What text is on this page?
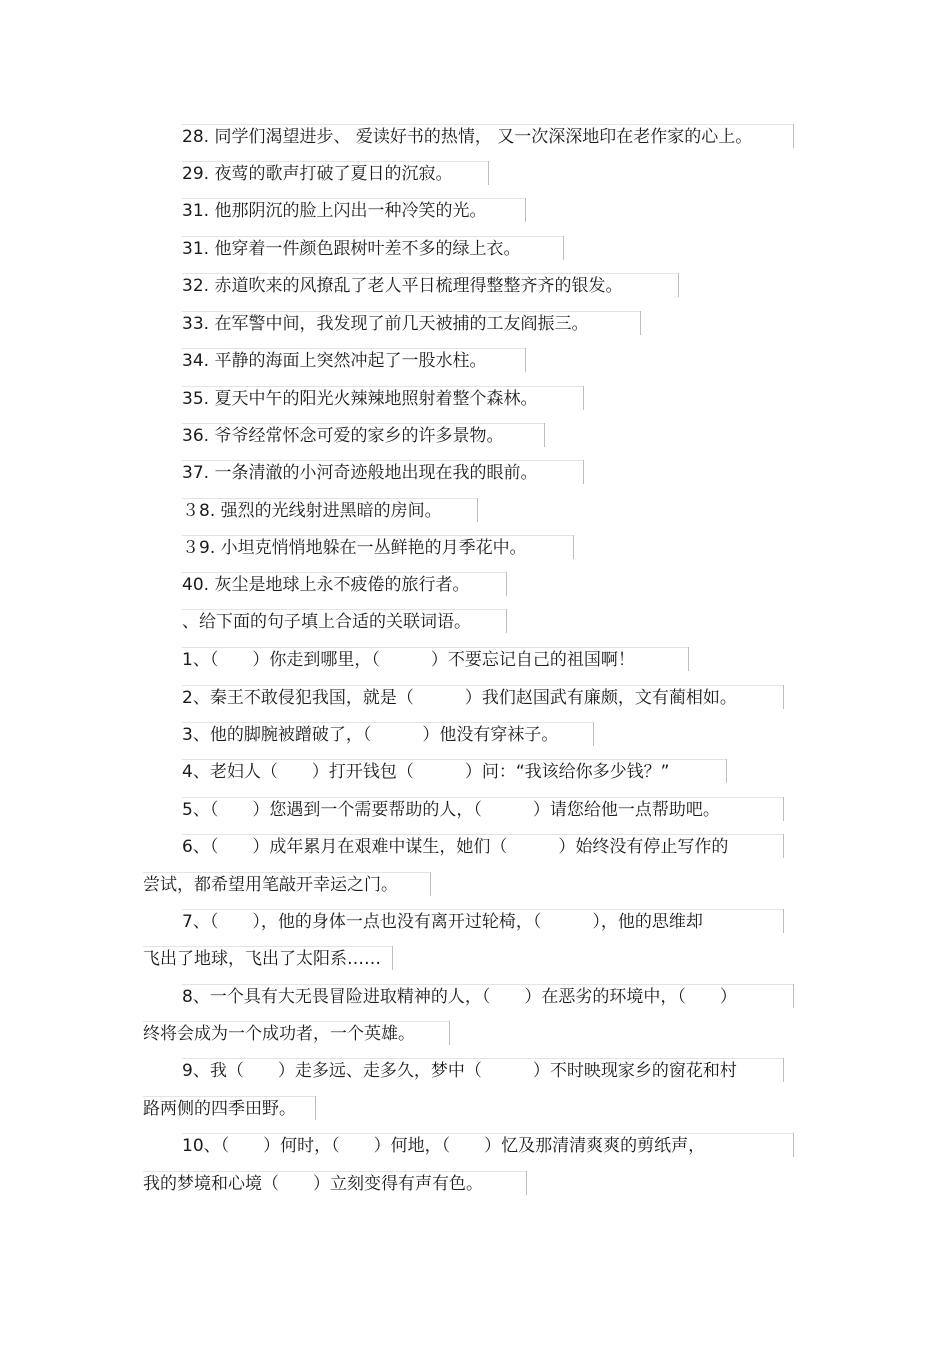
28. 同学们渴望进步、 爱读好书的热情， 又一次深深地印在老作家的心上。
29. 夜莺的歌声打破了夏日的沉寂。
31. 他那阴沉的脸上闪出一种冷笑的光。
31. 他穿着一件颜色跟树叶差不多的绿上衣。
32. 赤道吹来的风撩乱了老人平日梳理得整整齐齐的银发。
33. 在军警中间，我发现了前几天被捕的工友阎振三。
34. 平静的海面上突然冲起了一股水柱。
35. 夏天中午的阳光火辣辣地照射着整个森林。
36. 爷爷经常怀念可爱的家乡的许多景物。
37. 一条清澈的小河奇迹般地出现在我的眼前。
３8. 强烈的光线射进黑暗的房间。
３9. 小坦克悄悄地躲在一丛鲜艳的月季花中。
40. 灰尘是地球上永不疲倦的旅行者。
、给下面的句子填上合适的关联词语。
1、（　　）你走到哪里，（　　　）不要忘记自己的祖国啊！
2、秦王不敢侵犯我国，就是（　　　）我们赵国武有廉颇，文有蔺相如。
3、他的脚腕被蹭破了，（　　　）他没有穿袜子。
4、老妇人（　　）打开钱包（　　　）问：“我该给你多少钱？”
5、（　　）您遇到一个需要帮助的人，（　　　）请您给他一点帮助吧。
6、（　　）成年累月在艰难中谋生，她们（　　　）始终没有停止写作的
尝试，都希望用笔敲开幸运之门。
7、（　　），他的身体一点也没有离开过轮椅，（　　　），他的思维却
飞出了地球，飞出了太阳系……
8、一个具有大无畏冒险进取精神的人，（　　）在恶劣的环境中，（　　）
终将会成为一个成功者，一个英雄。
9、我（　　）走多远、走多久，梦中（　　　）不时映现家乡的窗花和村
路两侧的四季田野。
10、（　　）何时，（　　）何地，（　　）忆及那清清爽爽的剪纸声，
我的梦境和心境（　　）立刻变得有声有色。
